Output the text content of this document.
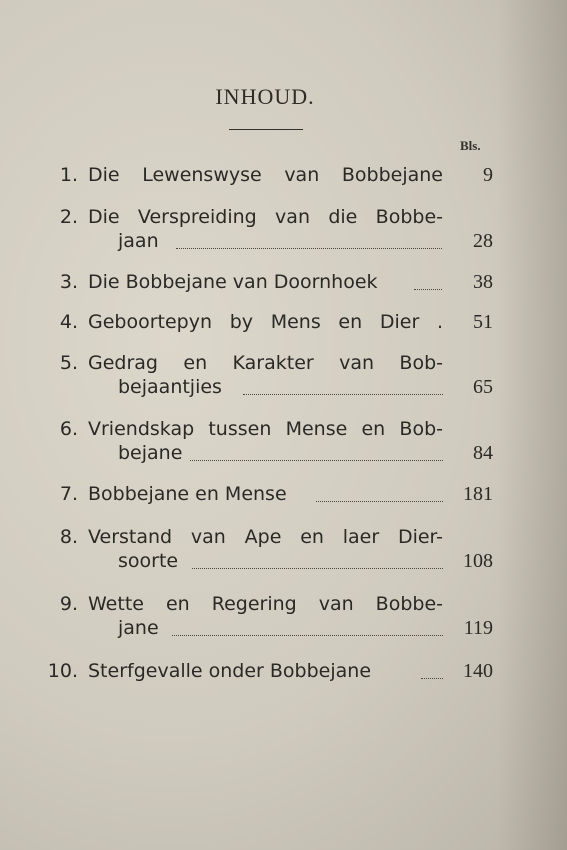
INHOUD.
Bls.
1. Die Lewenswyse van Bobbejane 9
2. Die Verspreiding van die Bobbe-
jaan	28
3. Die Bobbejane van Doornhoek	38
4. Geboortepyn by Mens en Dier . 51
5. Gedrag en Karakter van Bob-
bejaantjies	65
6. Vriendskap tussen Mense en Bob-
bejane	84
7. Bobbejane en Mense	181
8. Verstand van Ape en laer Dier-
soorte	108
9. Wette en Regering van Bobbe-
jane	119
10. Sterfgevalle onder Bobbejane	140
